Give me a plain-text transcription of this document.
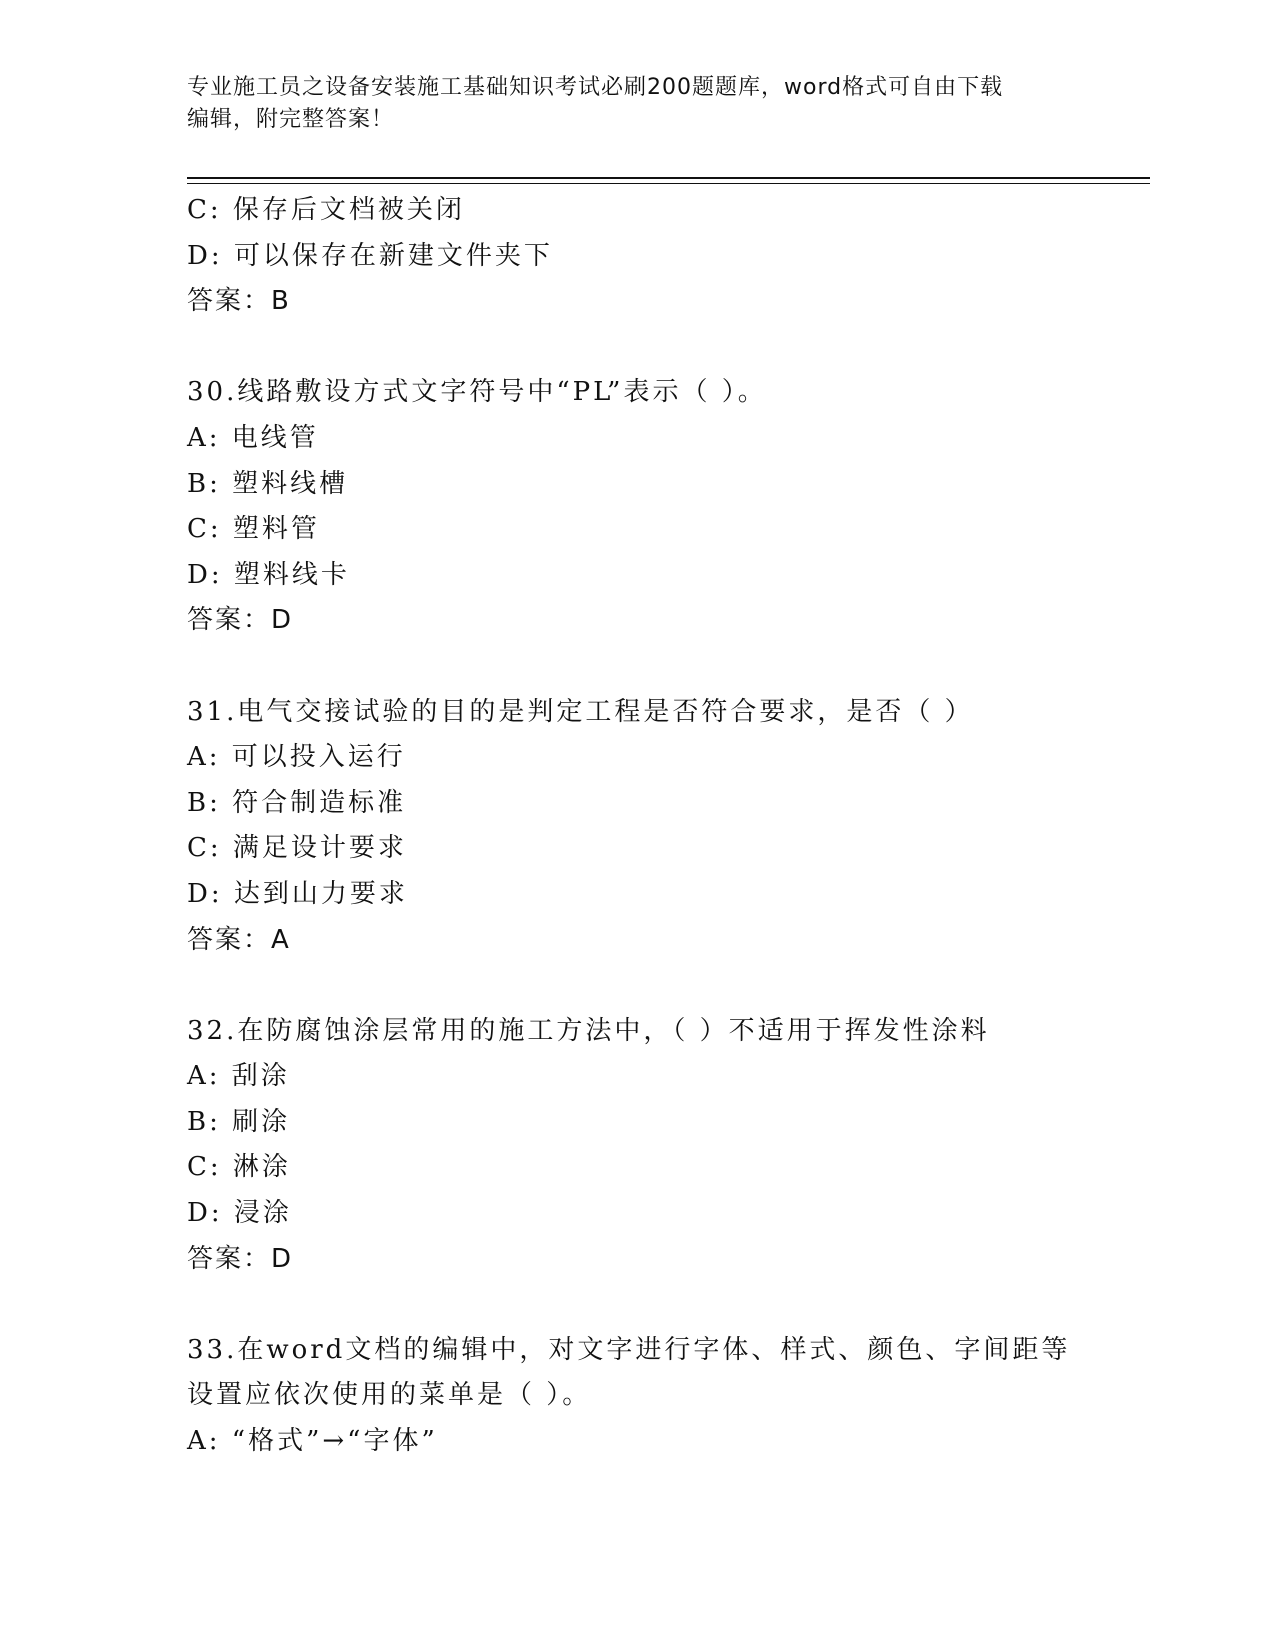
专业施工员之设备安装施工基础知识考试必刷200题题库，word格式可自由下载

编辑，附完整答案！

C: 保存后文档被关闭
D: 可以保存在新建文件夹下
答案：B
30.线路敷设方式文字符号中“PL”表示（ ）。
A: 电线管
B: 塑料线槽
C: 塑料管
D: 塑料线卡
答案：D
31.电气交接试验的目的是判定工程是否符合要求，是否（ ）
A: 可以投入运行
B: 符合制造标准
C: 满足设计要求
D: 达到山力要求
答案：A
32.在防腐蚀涂层常用的施工方法中，（ ）不适用于挥发性涂料
A: 刮涂
B: 刷涂
C: 淋涂
D: 浸涂
答案：D
33.在word文档的编辑中，对文字进行字体、样式、颜色、字间距等
设置应依次使用的菜单是（ ）。
A: “格式”→“字体”
